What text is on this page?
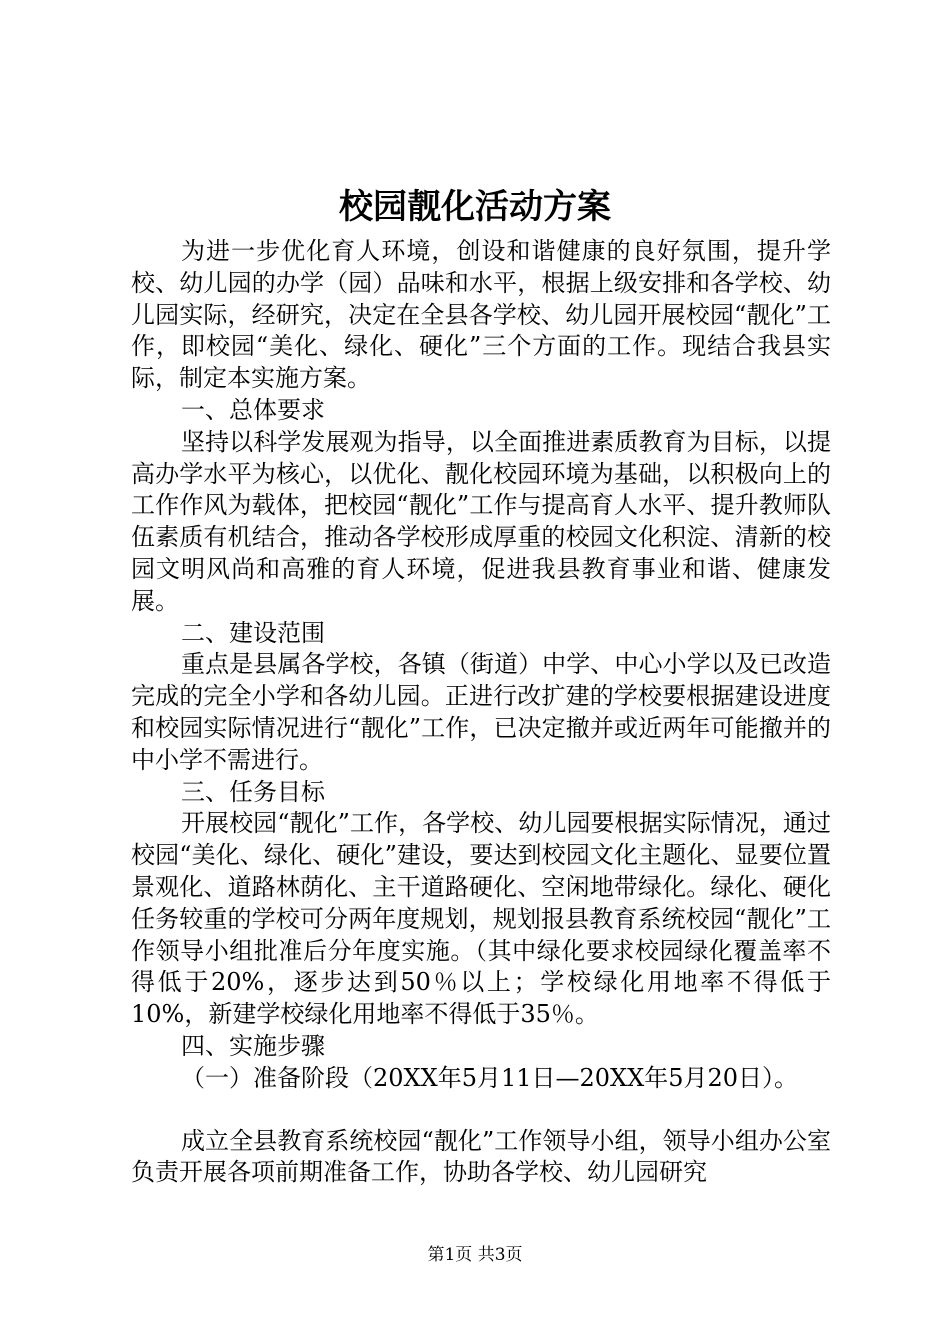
校园靓化活动方案

为进一步优化育人环境，创设和谐健康的良好氛围，提升学校、幼儿园的办学（园）品味和水平，根据上级安排和各学校、幼儿园实际，经研究，决定在全县各学校、幼儿园开展校园“靓化”工作，即校园“美化、绿化、硬化”三个方面的工作。现结合我县实际，制定本实施方案。

一、总体要求

坚持以科学发展观为指导，以全面推进素质教育为目标，以提高办学水平为核心，以优化、靓化校园环境为基础，以积极向上的工作作风为载体，把校园“靓化”工作与提高育人水平、提升教师队伍素质有机结合，推动各学校形成厚重的校园文化积淀、清新的校园文明风尚和高雅的育人环境，促进我县教育事业和谐、健康发展。

二、建设范围

重点是县属各学校，各镇（街道）中学、中心小学以及已改造完成的完全小学和各幼儿园。正进行改扩建的学校要根据建设进度和校园实际情况进行“靓化”工作，已决定撤并或近两年可能撤并的中小学不需进行。

三、任务目标

开展校园“靓化”工作，各学校、幼儿园要根据实际情况，通过校园“美化、绿化、硬化”建设，要达到校园文化主题化、显要位置景观化、道路林荫化、主干道路硬化、空闲地带绿化。绿化、硬化任务较重的学校可分两年度规划，规划报县教育系统校园“靓化”工作领导小组批准后分年度实施。（其中绿化要求校园绿化覆盖率不得低于20%，逐步达到50％以上；学校绿化用地率不得低于10%，新建学校绿化用地率不得低于35％。

四、实施步骤

（一）准备阶段（20XX年5月11日—20XX年5月20日）。

成立全县教育系统校园“靓化”工作领导小组，领导小组办公室负责开展各项前期准备工作，协助各学校、幼儿园研究

第1页 共3页
